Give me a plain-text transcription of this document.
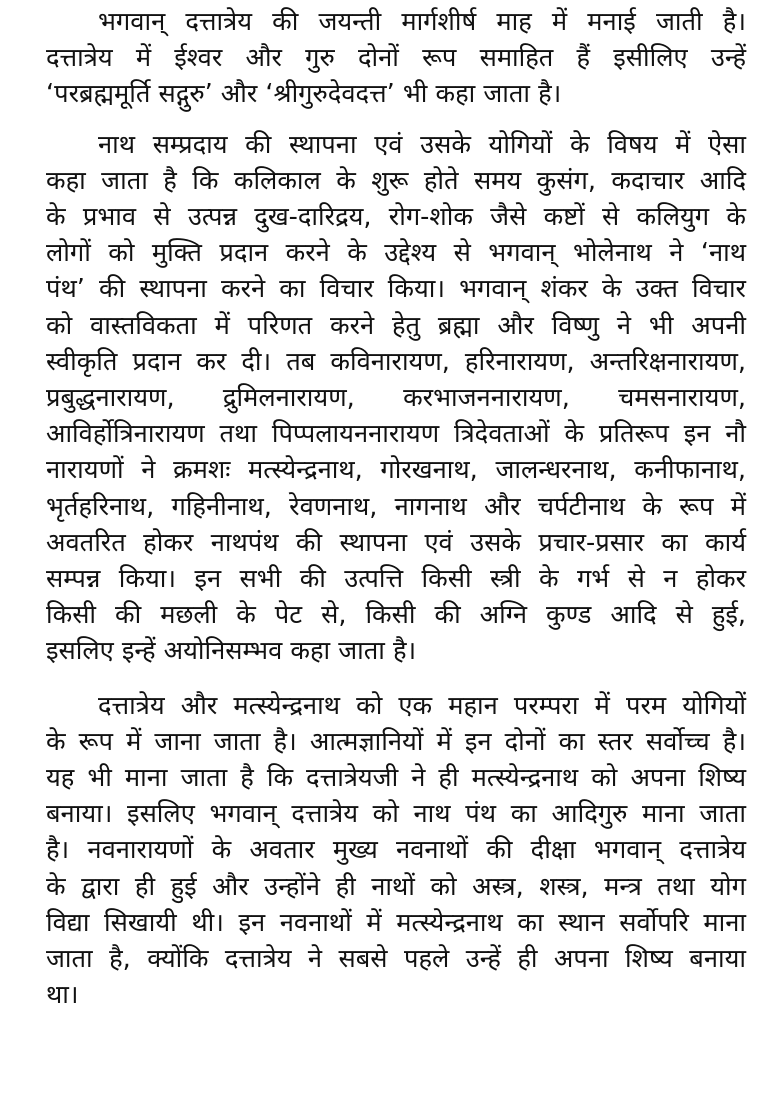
भगवान् दत्तात्रेय की जयन्ती मार्गशीर्ष माह में मनाई जाती है।
दत्तात्रेय में ईश्वर और गुरु दोनों रूप समाहित हैं इसीलिए उन्हें
‘परब्रह्ममूर्ति सद्गुरु’ और ‘श्रीगुरुदेवदत्त’ भी कहा जाता है।

नाथ सम्प्रदाय की स्थापना एवं उसके योगियों के विषय में ऐसा
कहा जाता है कि कलिकाल के शुरू होते समय कुसंग, कदाचार आदि
के प्रभाव से उत्पन्न दुख-दारिद्रय, रोग-शोक जैसे कष्टों से कलियुग के
लोगों को मुक्ति प्रदान करने के उद्देश्य से भगवान् भोलेनाथ ने ‘नाथ
पंथ’ की स्थापना करने का विचार किया। भगवान् शंकर के उक्त विचार
को वास्तविकता में परिणत करने हेतु ब्रह्मा और विष्णु ने भी अपनी
स्वीकृति प्रदान कर दी। तब कविनारायण, हरिनारायण, अन्तरिक्षनारायण,
प्रबुद्धनारायण, द्रुमिलनारायण, करभाजननारायण, चमसनारायण,
आविर्होत्रिनारायण तथा पिप्पलायननारायण त्रिदेवताओं के प्रतिरूप इन नौ
नारायणों ने क्रमशः मत्स्येन्द्रनाथ, गोरखनाथ, जालन्धरनाथ, कनीफानाथ,
भृर्तहरिनाथ, गहिनीनाथ, रेवणनाथ, नागनाथ और चर्पटीनाथ के रूप में
अवतरित होकर नाथपंथ की स्थापना एवं उसके प्रचार-प्रसार का कार्य
सम्पन्न किया। इन सभी की उत्पत्ति किसी स्त्री के गर्भ से न होकर
किसी की मछली के पेट से, किसी की अग्नि कुण्ड आदि से हुई,
इसलिए इन्हें अयोनिसम्भव कहा जाता है।

दत्तात्रेय और मत्स्येन्द्रनाथ को एक महान परम्परा में परम योगियों
के रूप में जाना जाता है। आत्मज्ञानियों में इन दोनों का स्तर सर्वोच्च है।
यह भी माना जाता है कि दत्तात्रेयजी ने ही मत्स्येन्द्रनाथ को अपना शिष्य
बनाया। इसलिए भगवान् दत्तात्रेय को नाथ पंथ का आदिगुरु माना जाता
है। नवनारायणों के अवतार मुख्य नवनाथों की दीक्षा भगवान् दत्तात्रेय
के द्वारा ही हुई और उन्होंने ही नाथों को अस्त्र, शस्त्र, मन्त्र तथा योग
विद्या सिखायी थी। इन नवनाथों में मत्स्येन्द्रनाथ का स्थान सर्वोपरि माना
जाता है, क्योंकि दत्तात्रेय ने सबसे पहले उन्हें ही अपना शिष्य बनाया
था।
